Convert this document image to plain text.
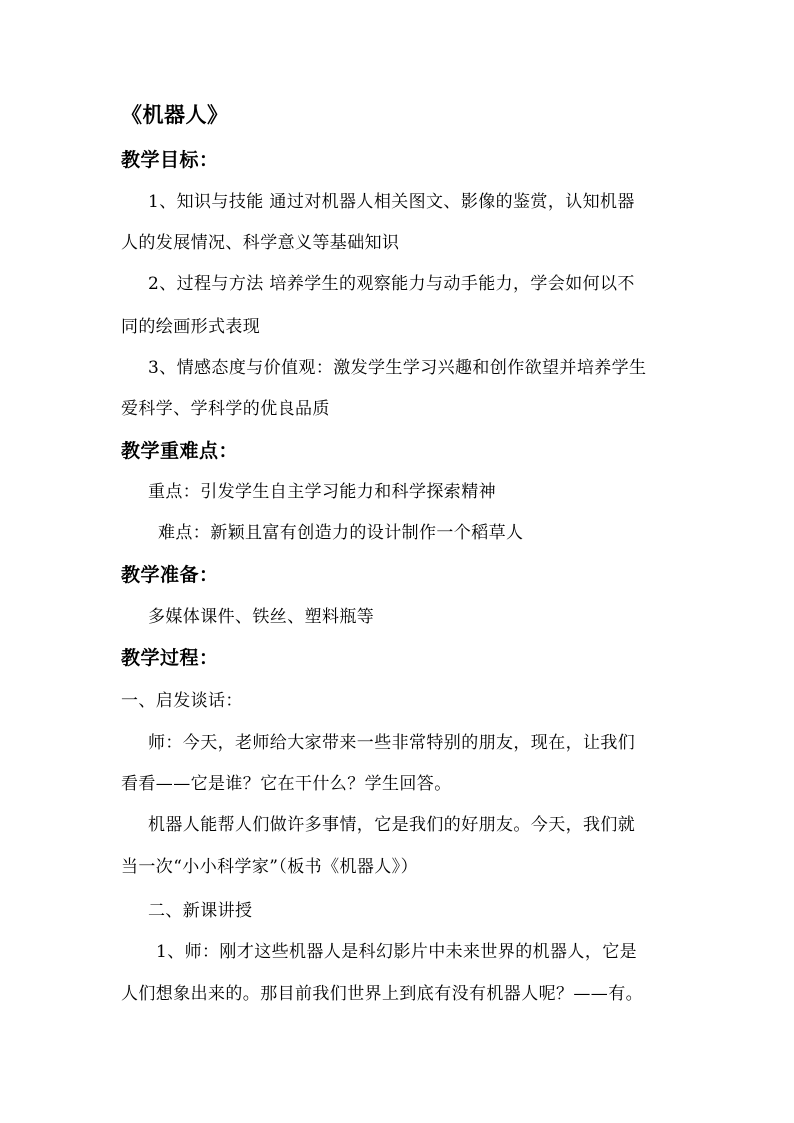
《机器人》
教学目标：
1、知识与技能 通过对机器人相关图文、影像的鉴赏，认知机器
人的发展情况、科学意义等基础知识
2、过程与方法 培养学生的观察能力与动手能力，学会如何以不
同的绘画形式表现
3、情感态度与价值观：激发学生学习兴趣和创作欲望并培养学生
爱科学、学科学的优良品质
教学重难点：
重点：引发学生自主学习能力和科学探索精神
难点：新颖且富有创造力的设计制作一个稻草人
教学准备：
多媒体课件、铁丝、塑料瓶等
教学过程：
一、启发谈话：
师：今天，老师给大家带来一些非常特别的朋友，现在，让我们
看看——它是谁？它在干什么？学生回答。
机器人能帮人们做许多事情，它是我们的好朋友。今天，我们就
当一次“小小科学家”（板书《机器人》）
二、新课讲授
1、师：刚才这些机器人是科幻影片中未来世界的机器人，它是
人们想象出来的。那目前我们世界上到底有没有机器人呢？——有。
